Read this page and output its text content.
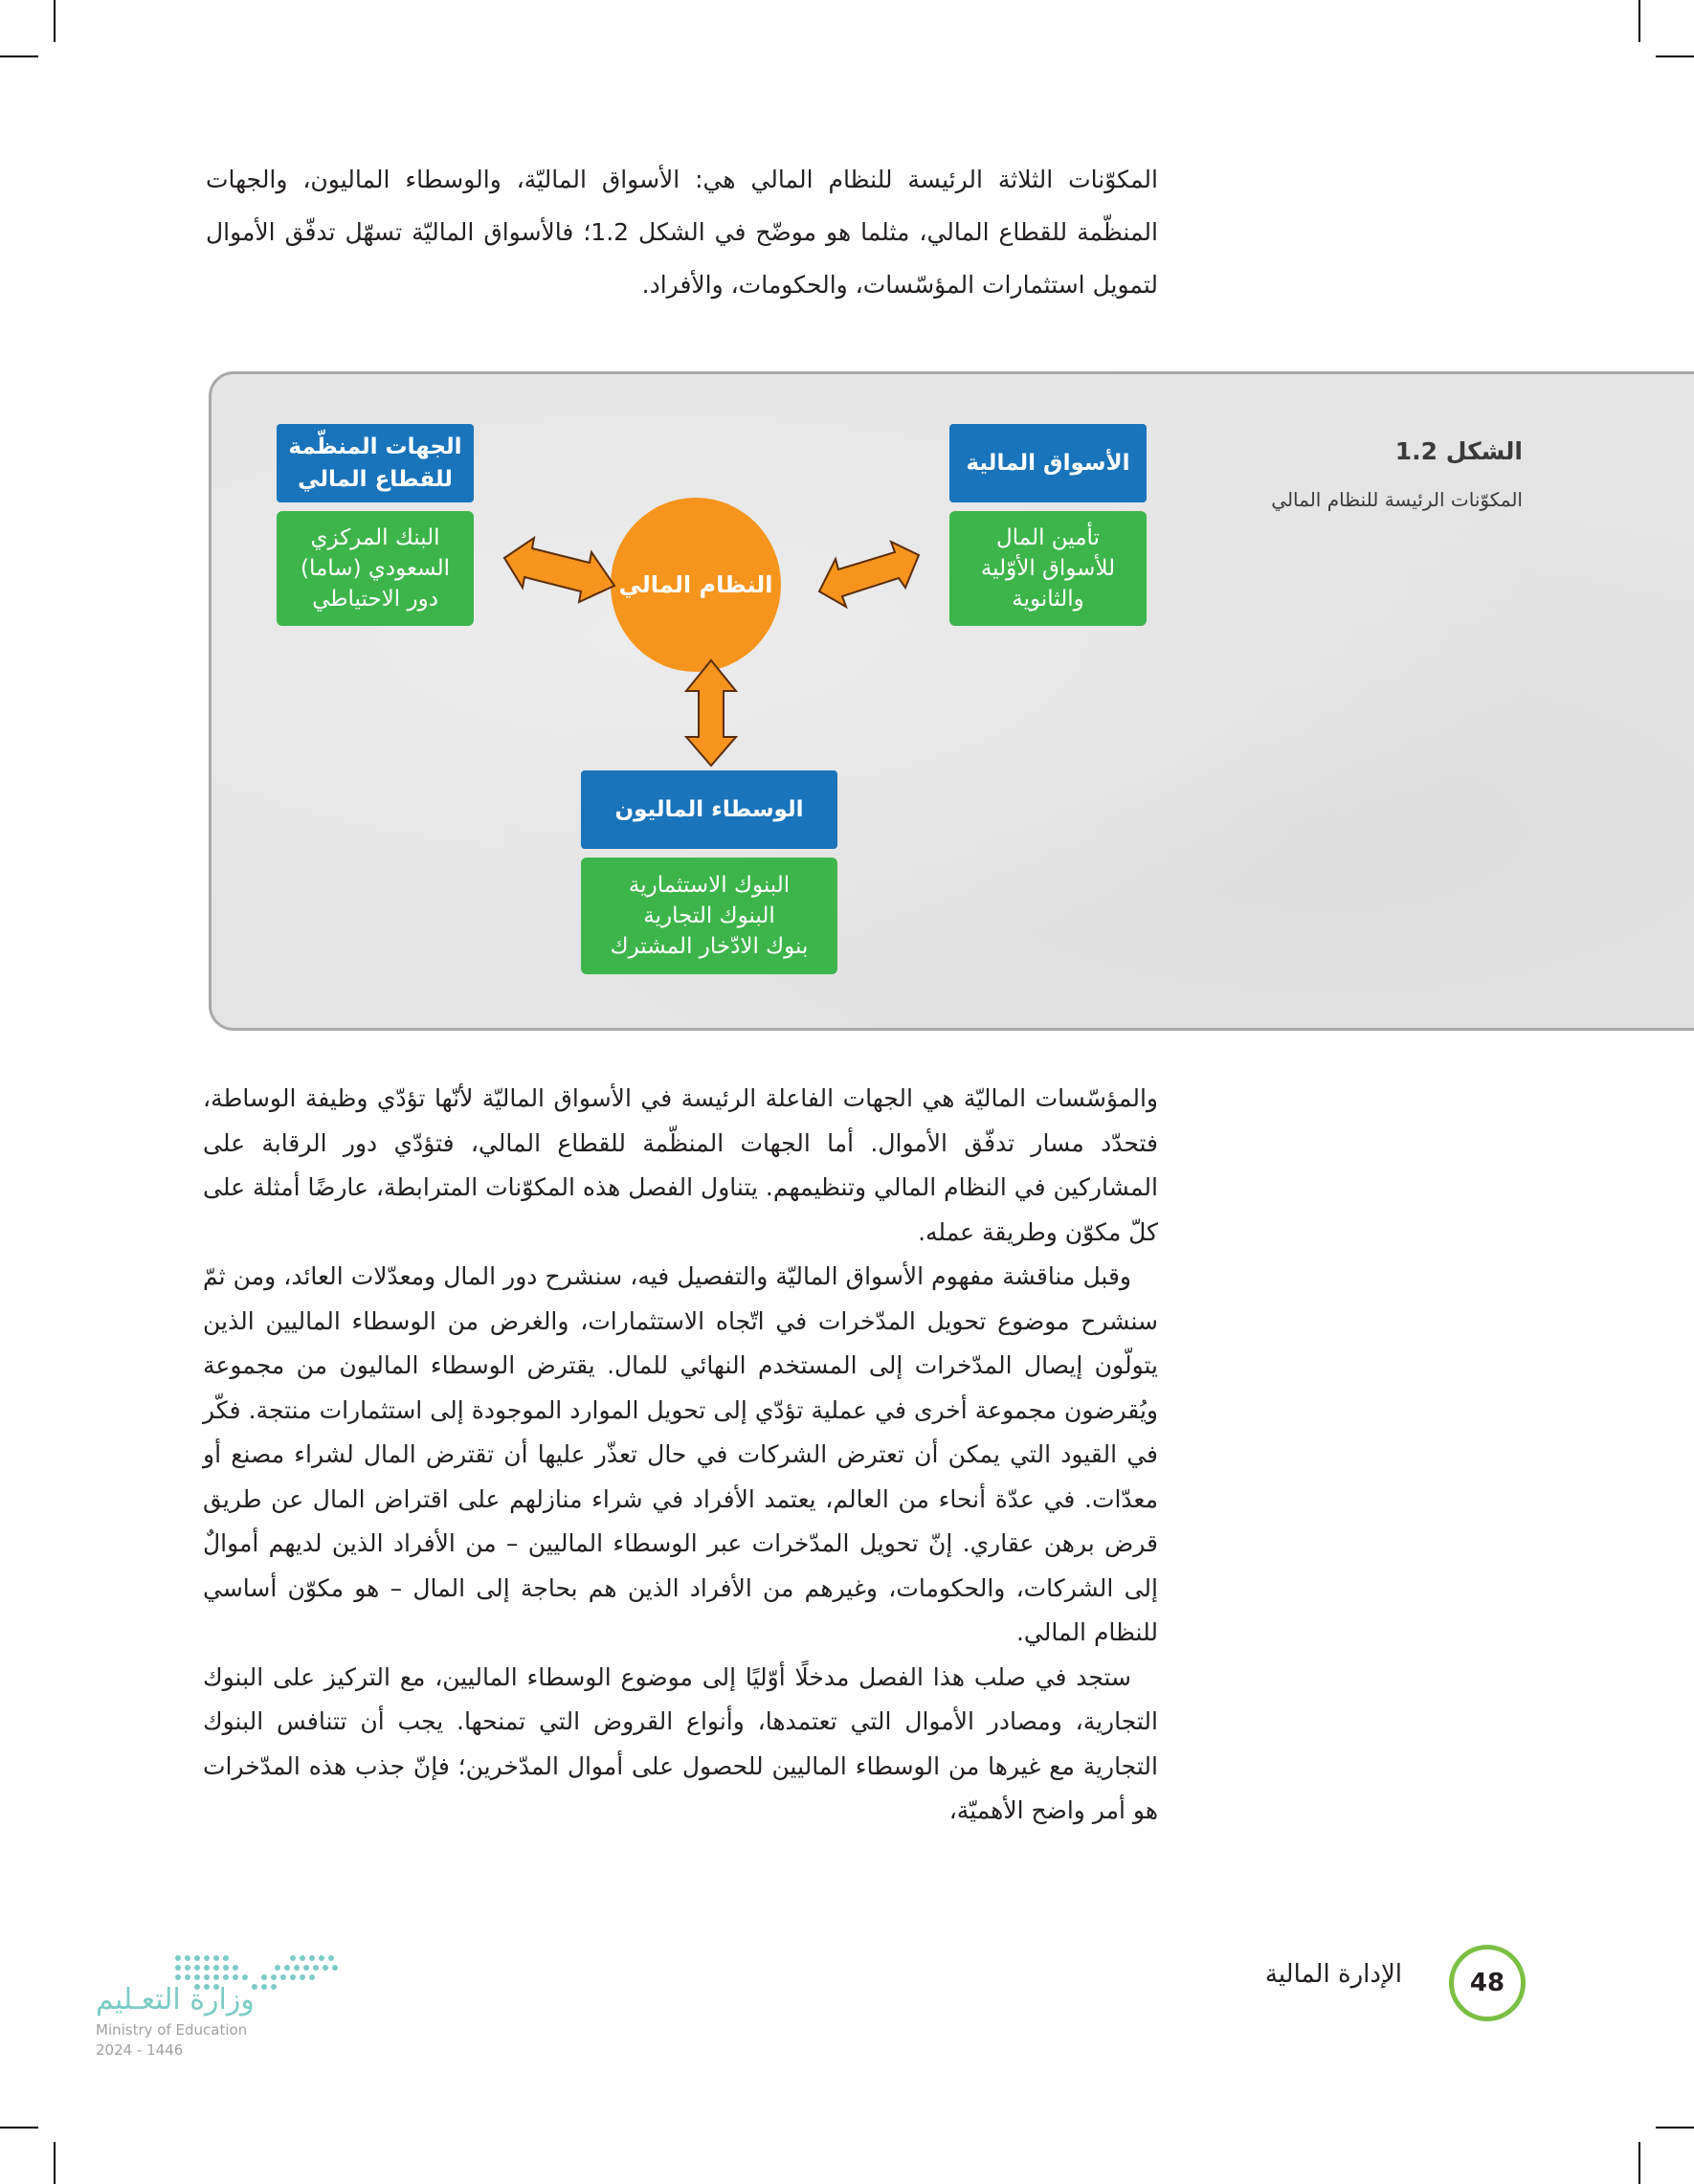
المكوّنات الثلاثة الرئيسة للنظام المالي هي: الأسواق الماليّة، والوسطاء الماليون، والجهات المنظّمة للقطاع المالي، مثلما هو موضّح في الشكل 1.2؛ فالأسواق الماليّة تسهّل تدفّق الأموال لتمويل استثمارات المؤسّسات، والحكومات، والأفراد.

الشكل 1.2
المكوّنات الرئيسة للنظام المالي
الجهات المنظّمة للقطاع المالي
البنك المركزي
السعودي (ساما)
دور الاحتياطي
الأسواق المالية
تأمين المال
للأسواق الأوّلية
والثانوية
النظام المالي
الوسطاء الماليون
البنوك الاستثمارية
البنوك التجارية
بنوك الادّخار المشترك

والمؤسّسات الماليّة هي الجهات الفاعلة الرئيسة في الأسواق الماليّة لأنّها تؤدّي وظيفة الوساطة، فتحدّد مسار تدفّق الأموال. أما الجهات المنظّمة للقطاع المالي، فتؤدّي دور الرقابة على المشاركين في النظام المالي وتنظيمهم. يتناول الفصل هذه المكوّنات المترابطة، عارضًا أمثلة على كلّ مكوّن وطريقة عمله.

وقبل مناقشة مفهوم الأسواق الماليّة والتفصيل فيه، سنشرح دور المال ومعدّلات العائد، ومن ثمّ سنشرح موضوع تحويل المدّخرات في اتّجاه الاستثمارات، والغرض من الوسطاء الماليين الذين يتولّون إيصال المدّخرات إلى المستخدم النهائي للمال. يقترض الوسطاء الماليون من مجموعة ويُقرضون مجموعة أخرى في عملية تؤدّي إلى تحويل الموارد الموجودة إلى استثمارات منتجة. فكّر في القيود التي يمكن أن تعترض الشركات في حال تعذّر عليها أن تقترض المال لشراء مصنع أو معدّات. في عدّة أنحاء من العالم، يعتمد الأفراد في شراء منازلهم على اقتراض المال عن طريق قرض برهن عقاري. إنّ تحويل المدّخرات عبر الوسطاء الماليين – من الأفراد الذين لديهم أموالٌ إلى الشركات، والحكومات، وغيرهم من الأفراد الذين هم بحاجة إلى المال – هو مكوّن أساسي للنظام المالي.

ستجد في صلب هذا الفصل مدخلًا أوّليًا إلى موضوع الوسطاء الماليين، مع التركيز على البنوك التجارية، ومصادر الأموال التي تعتمدها، وأنواع القروض التي تمنحها. يجب أن تتنافس البنوك التجارية مع غيرها من الوسطاء الماليين للحصول على أموال المدّخرين؛ فإنّ جذب هذه المدّخرات هو أمر واضح الأهميّة،

48
الإدارة المالية
وزارة التعـليم
Ministry of Education
2024 - 1446
